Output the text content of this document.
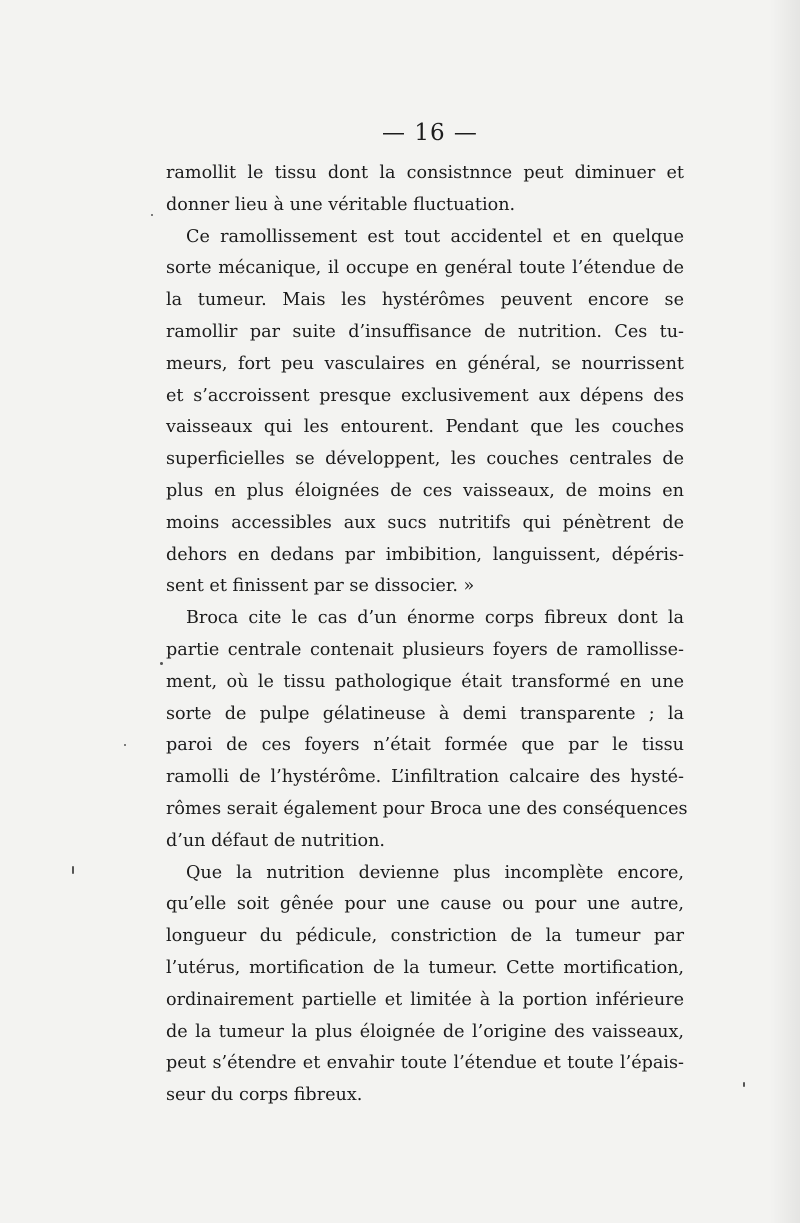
— 16 —
ramollit le tissu dont la consistnnce peut diminuer et
donner lieu à une véritable fluctuation.
Ce ramollissement est tout accidentel et en quelque
sorte mécanique, il occupe en genéral toute l’étendue de
la tumeur. Mais les hystérômes peuvent encore se
ramollir par suite d’insuffisance de nutrition. Ces tu-
meurs, fort peu vasculaires en général, se nourrissent
et s’accroissent presque exclusivement aux dépens des
vaisseaux qui les entourent. Pendant que les couches
superficielles se développent, les couches centrales de
plus en plus éloignées de ces vaisseaux, de moins en
moins accessibles aux sucs nutritifs qui pénètrent de
dehors en dedans par imbibition, languissent, dépéris-
sent et finissent par se dissocier. »
Broca cite le cas d’un énorme corps fibreux dont la
partie centrale contenait plusieurs foyers de ramollisse-
ment, où le tissu pathologique était transformé en une
sorte de pulpe gélatineuse à demi transparente ; la
paroi de ces foyers n’était formée que par le tissu
ramolli de l’hystérôme. L’infiltration calcaire des hysté-
rômes serait également pour Broca une des conséquences
d’un défaut de nutrition.
Que la nutrition devienne plus incomplète encore,
qu’elle soit gênée pour une cause ou pour une autre,
longueur du pédicule, constriction de la tumeur par
l’utérus, mortification de la tumeur. Cette mortification,
ordinairement partielle et limitée à la portion inférieure
de la tumeur la plus éloignée de l’origine des vaisseaux,
peut s’étendre et envahir toute l’étendue et toute l’épais-
seur du corps fibreux.
